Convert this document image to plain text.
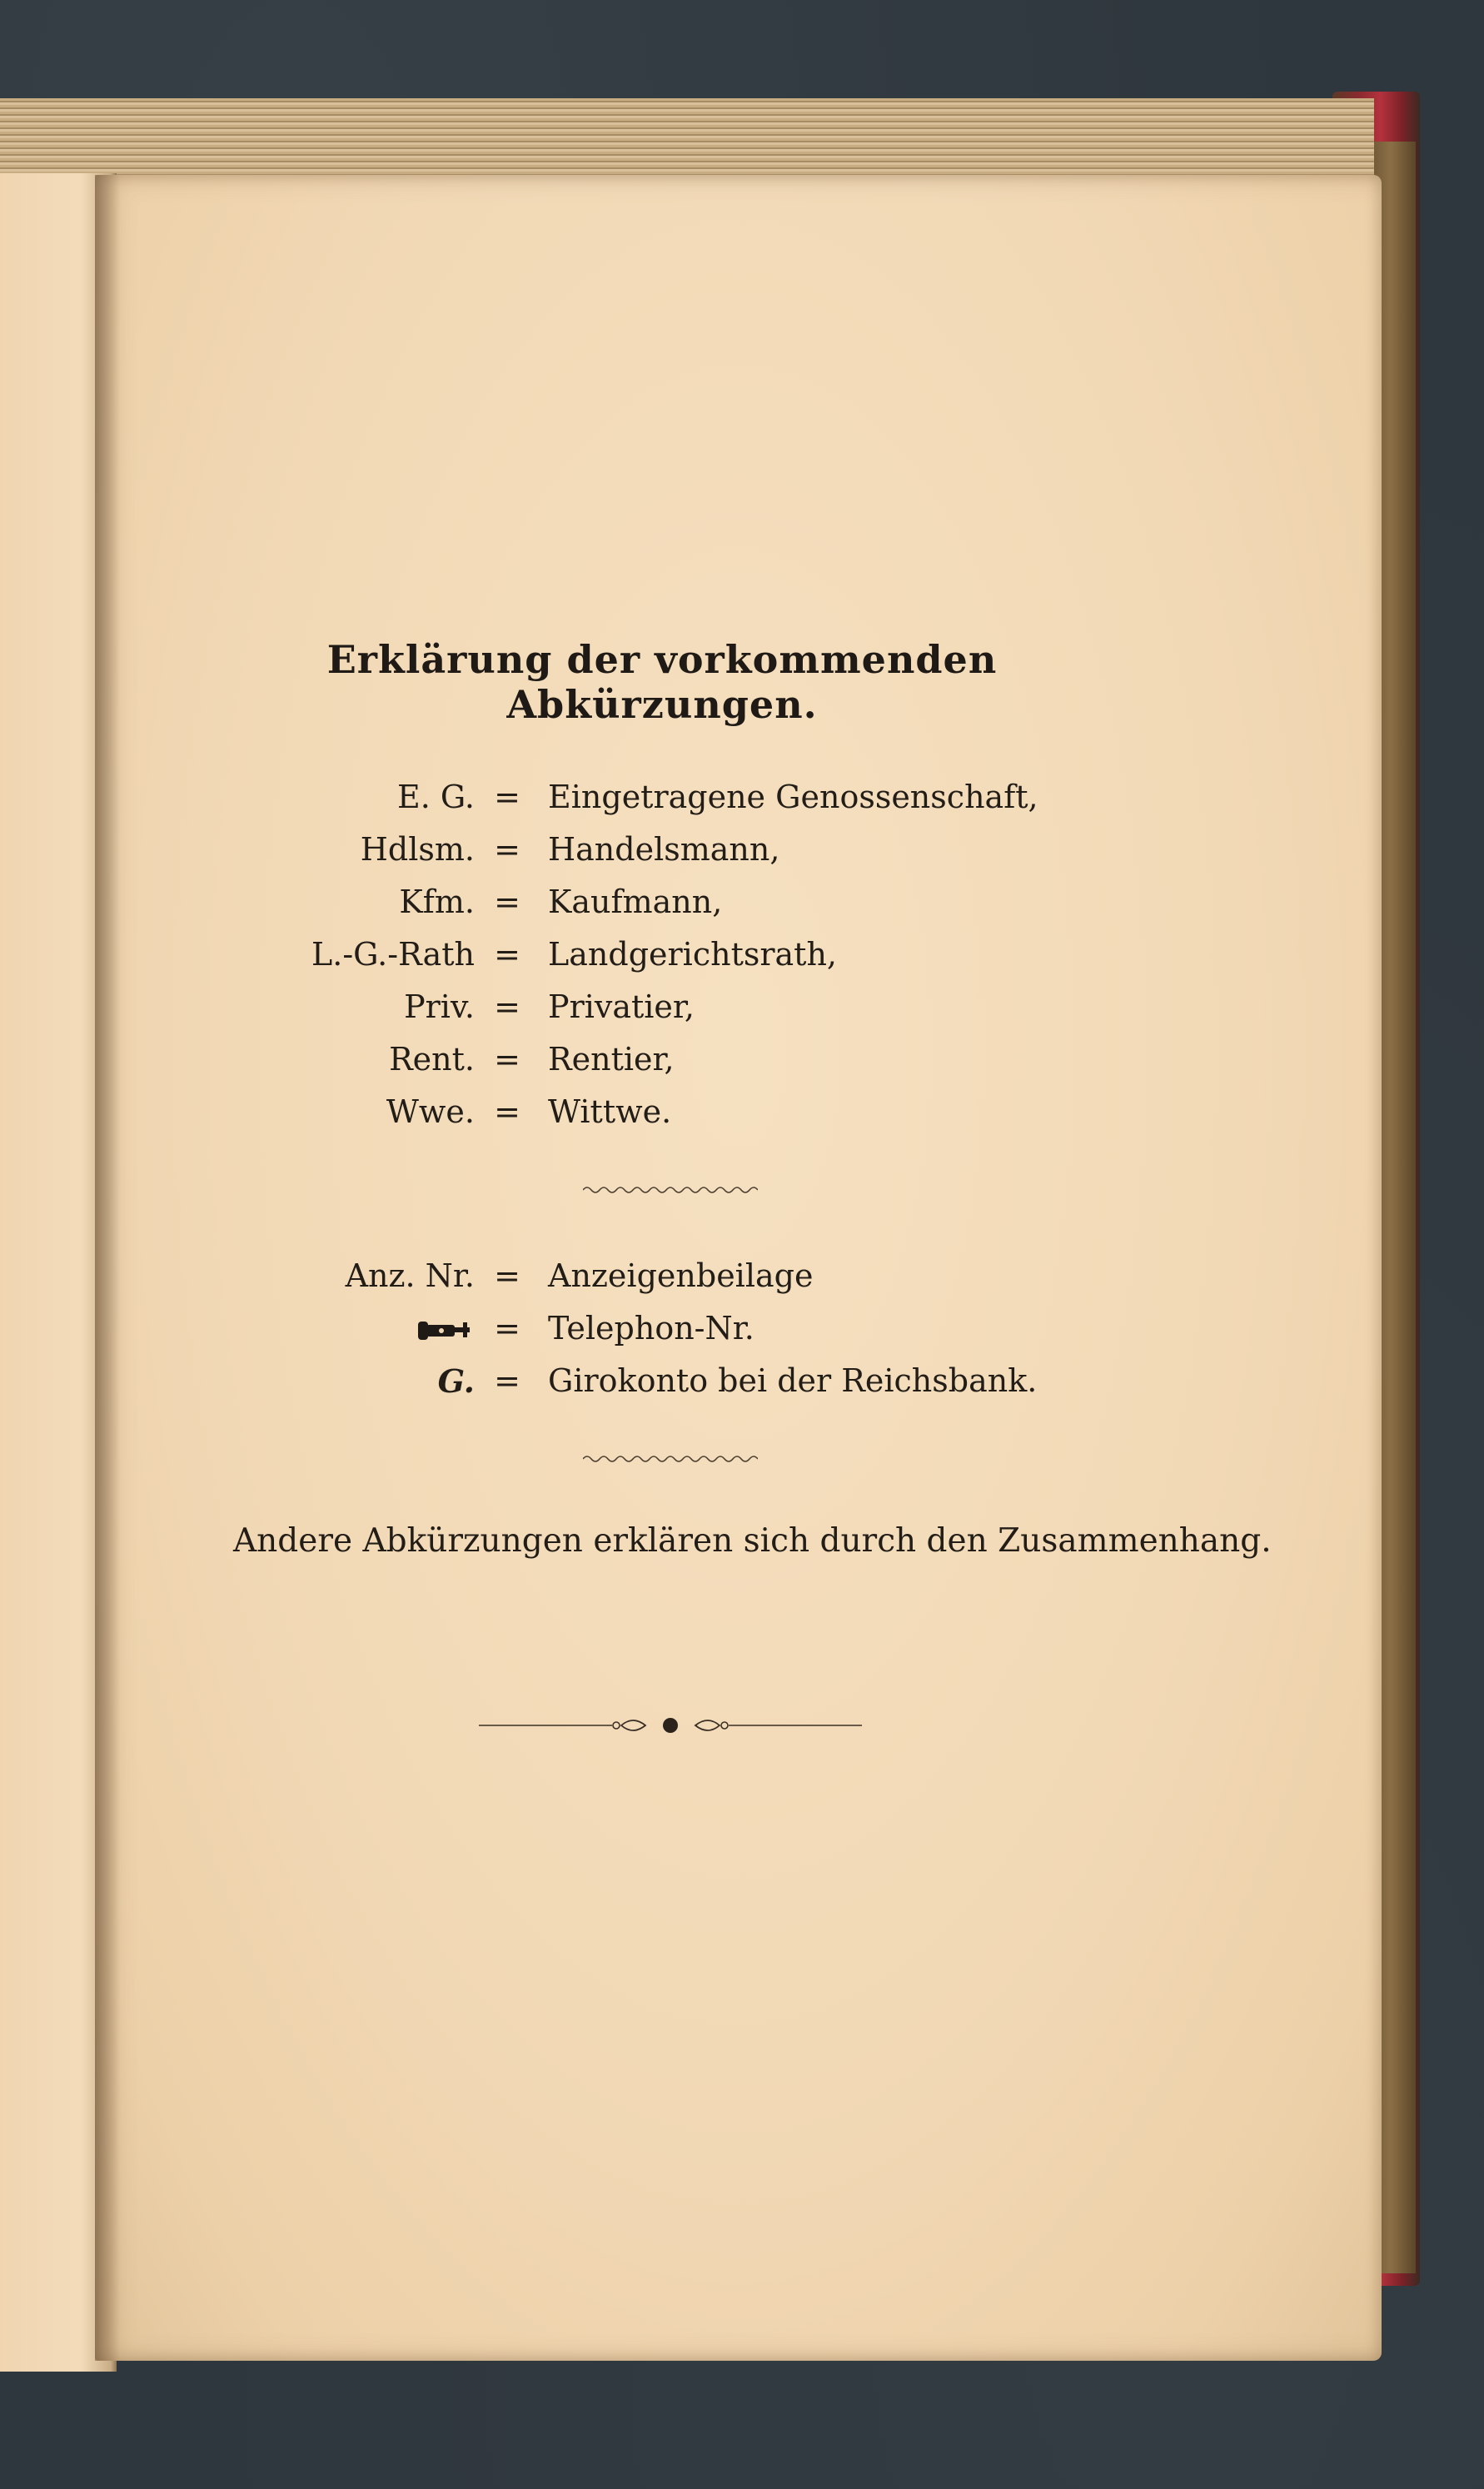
Erklärung der vorkommenden Abkürzungen.
E. G. = Eingetragene Genossenschaft,
Hdlsm. = Handelsmann,
Kfm. = Kaufmann,
L.-G.-Rath = Landgerichtsrath,
Priv. = Privatier,
Rent. = Rentier,
Wwe. = Wittwe.
Anz. Nr. = Anzeigenbeilage
= Telephon-Nr.
G. = Girokonto bei der Reichsbank.
Andere Abkürzungen erklären sich durch den Zusammenhang.
